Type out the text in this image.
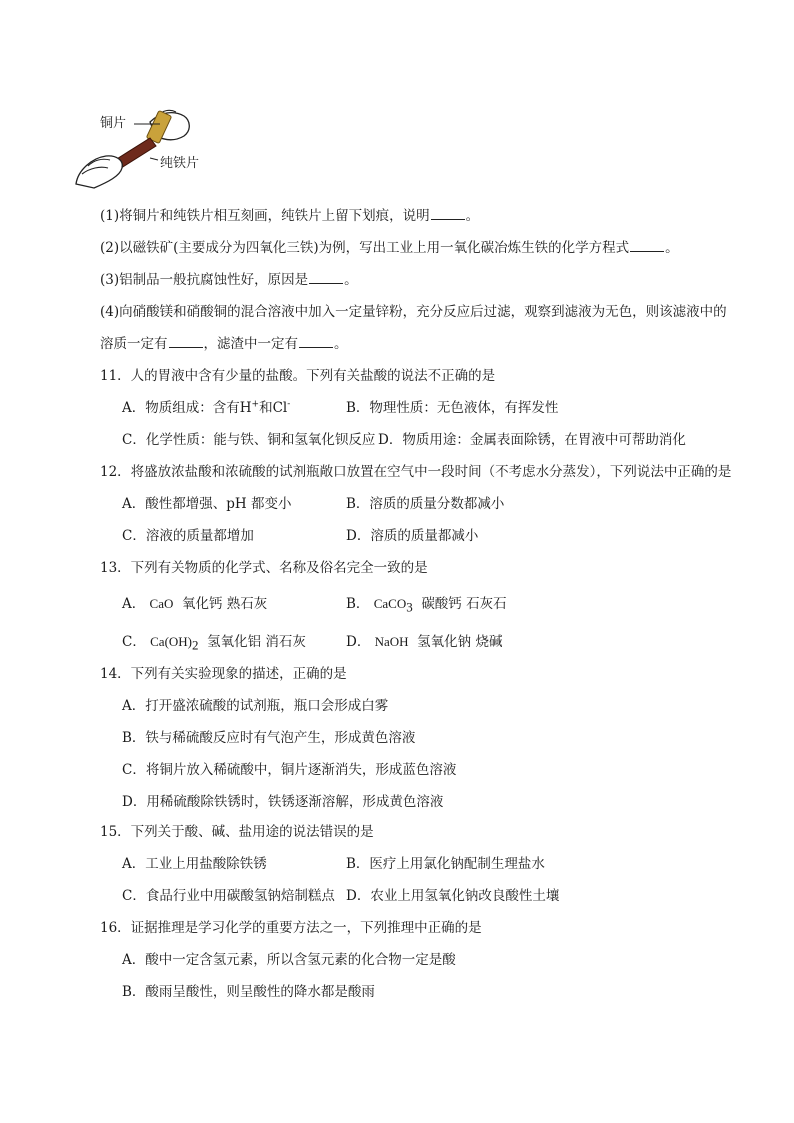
铜片
纯铁片
(1)将铜片和纯铁片相互刻画，纯铁片上留下划痕，说明	。
(2)以磁铁矿(主要成分为四氧化三铁)为例，写出工业上用一氧化碳冶炼生铁的化学方程式	。
(3)铝制品一般抗腐蚀性好，原因是	。
(4)向硝酸镁和硝酸铜的混合溶液中加入一定量锌粉，充分反应后过滤，观察到滤液为无色，则该滤液中的
溶质一定有	，滤渣中一定有	。
11．人的胃液中含有少量的盐酸。下列有关盐酸的说法不正确的是
A．物质组成：含有H+和Cl-	B．物理性质：无色液体，有挥发性
C．化学性质：能与铁、铜和氢氧化钡反应 D．物质用途：金属表面除锈，在胃液中可帮助消化
12．将盛放浓盐酸和浓硫酸的试剂瓶敞口放置在空气中一段时间（不考虑水分蒸发），下列说法中正确的是
A．酸性都增强、pH 都变小	B．溶质的质量分数都减小
C．溶液的质量都增加	D．溶质的质量都减小
13．下列有关物质的化学式、名称及俗名完全一致的是
A． CaO 氧化钙 熟石灰	B． CaCO$_3$ 碳酸钙 石灰石
C． $Ca(OH)_2$ 氢氧化铝 消石灰	D． NaOH 氢氧化钠 烧碱
14．下列有关实验现象的描述，正确的是
A．打开盛浓硫酸的试剂瓶，瓶口会形成白雾
B．铁与稀硫酸反应时有气泡产生，形成黄色溶液
C．将铜片放入稀硫酸中，铜片逐渐消失，形成蓝色溶液
D．用稀硫酸除铁锈时，铁锈逐渐溶解，形成黄色溶液
15．下列关于酸、碱、盐用途的说法错误的是
A．工业上用盐酸除铁锈	B．医疗上用氯化钠配制生理盐水
C．食品行业中用碳酸氢钠焙制糕点 D．农业上用氢氧化钠改良酸性土壤
16．证据推理是学习化学的重要方法之一，下列推理中正确的是
A．酸中一定含氢元素，所以含氢元素的化合物一定是酸
B．酸雨呈酸性，则呈酸性的降水都是酸雨
